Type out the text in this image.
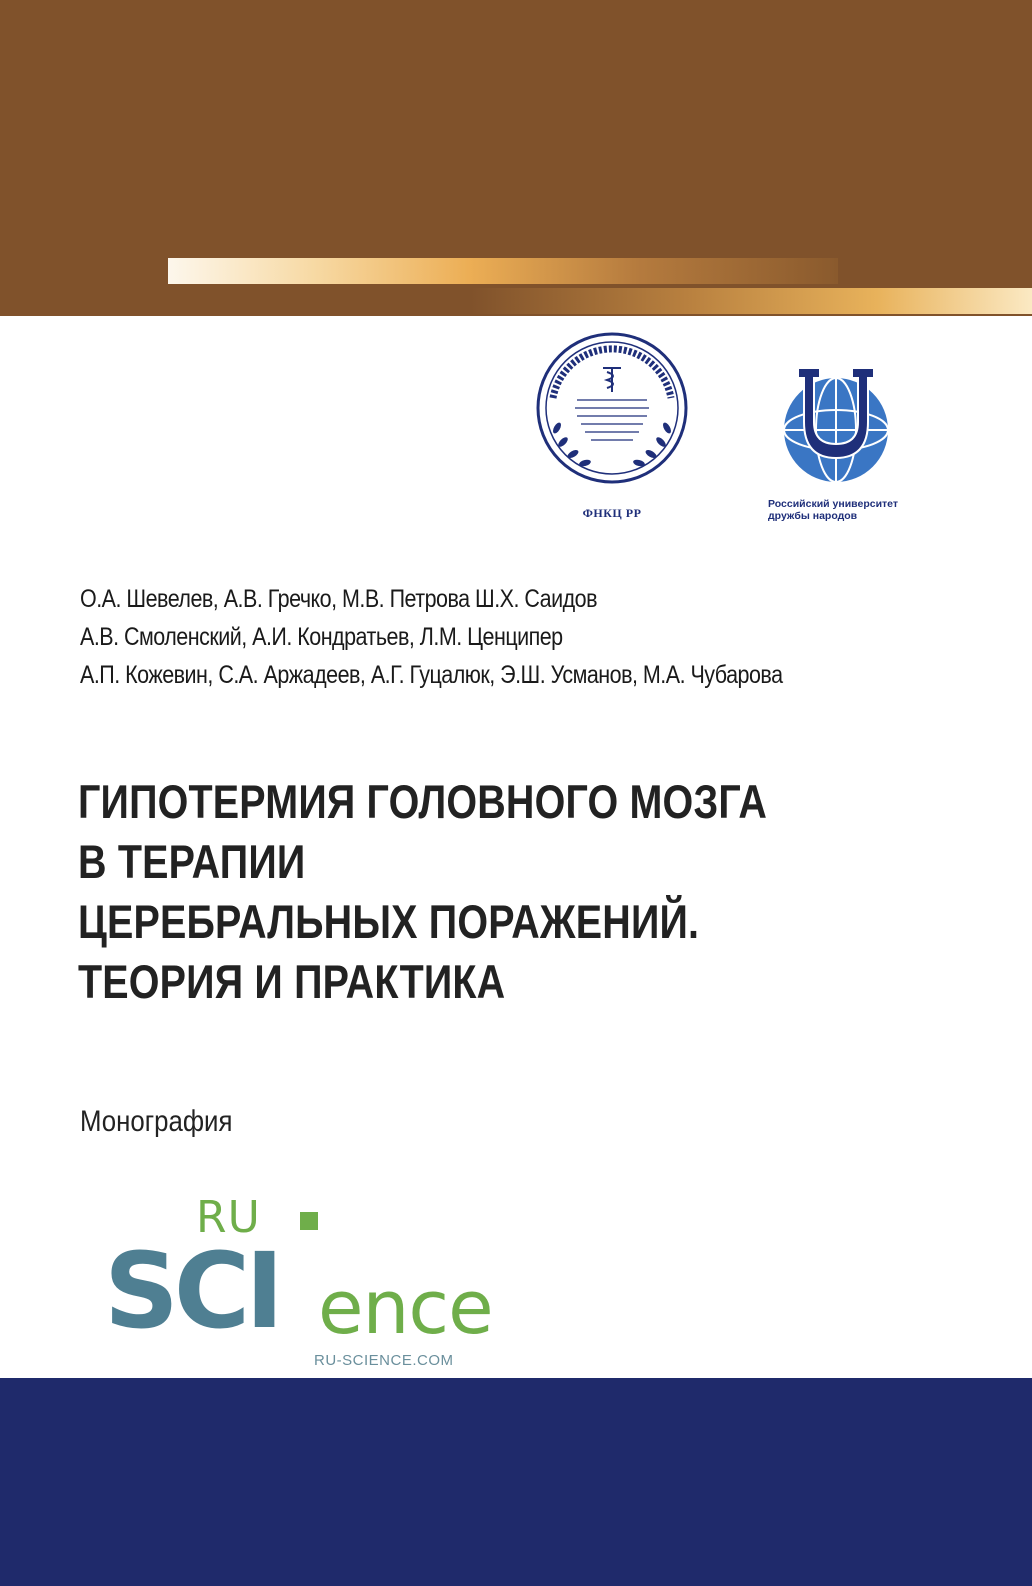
ФНКЦ РР
Российский университет
дружбы народов
О.А. Шевелев, А.В. Гречко, М.В. Петрова Ш.Х. Саидов
А.В. Смоленский, А.И. Кондратьев, Л.М. Ценципер
А.П. Кожевин, С.А. Аржадеев, А.Г. Гуцалюк, Э.Ш. Усманов, М.А. Чубарова
ГИПОТЕРМИЯ ГОЛОВНОГО МОЗГА
В ТЕРАПИИ
ЦЕРЕБРАЛЬНЫХ ПОРАЖЕНИЙ.
ТЕОРИЯ И ПРАКТИКА
Монография
RU
SCI ence
RU-SCIENCE.COM
